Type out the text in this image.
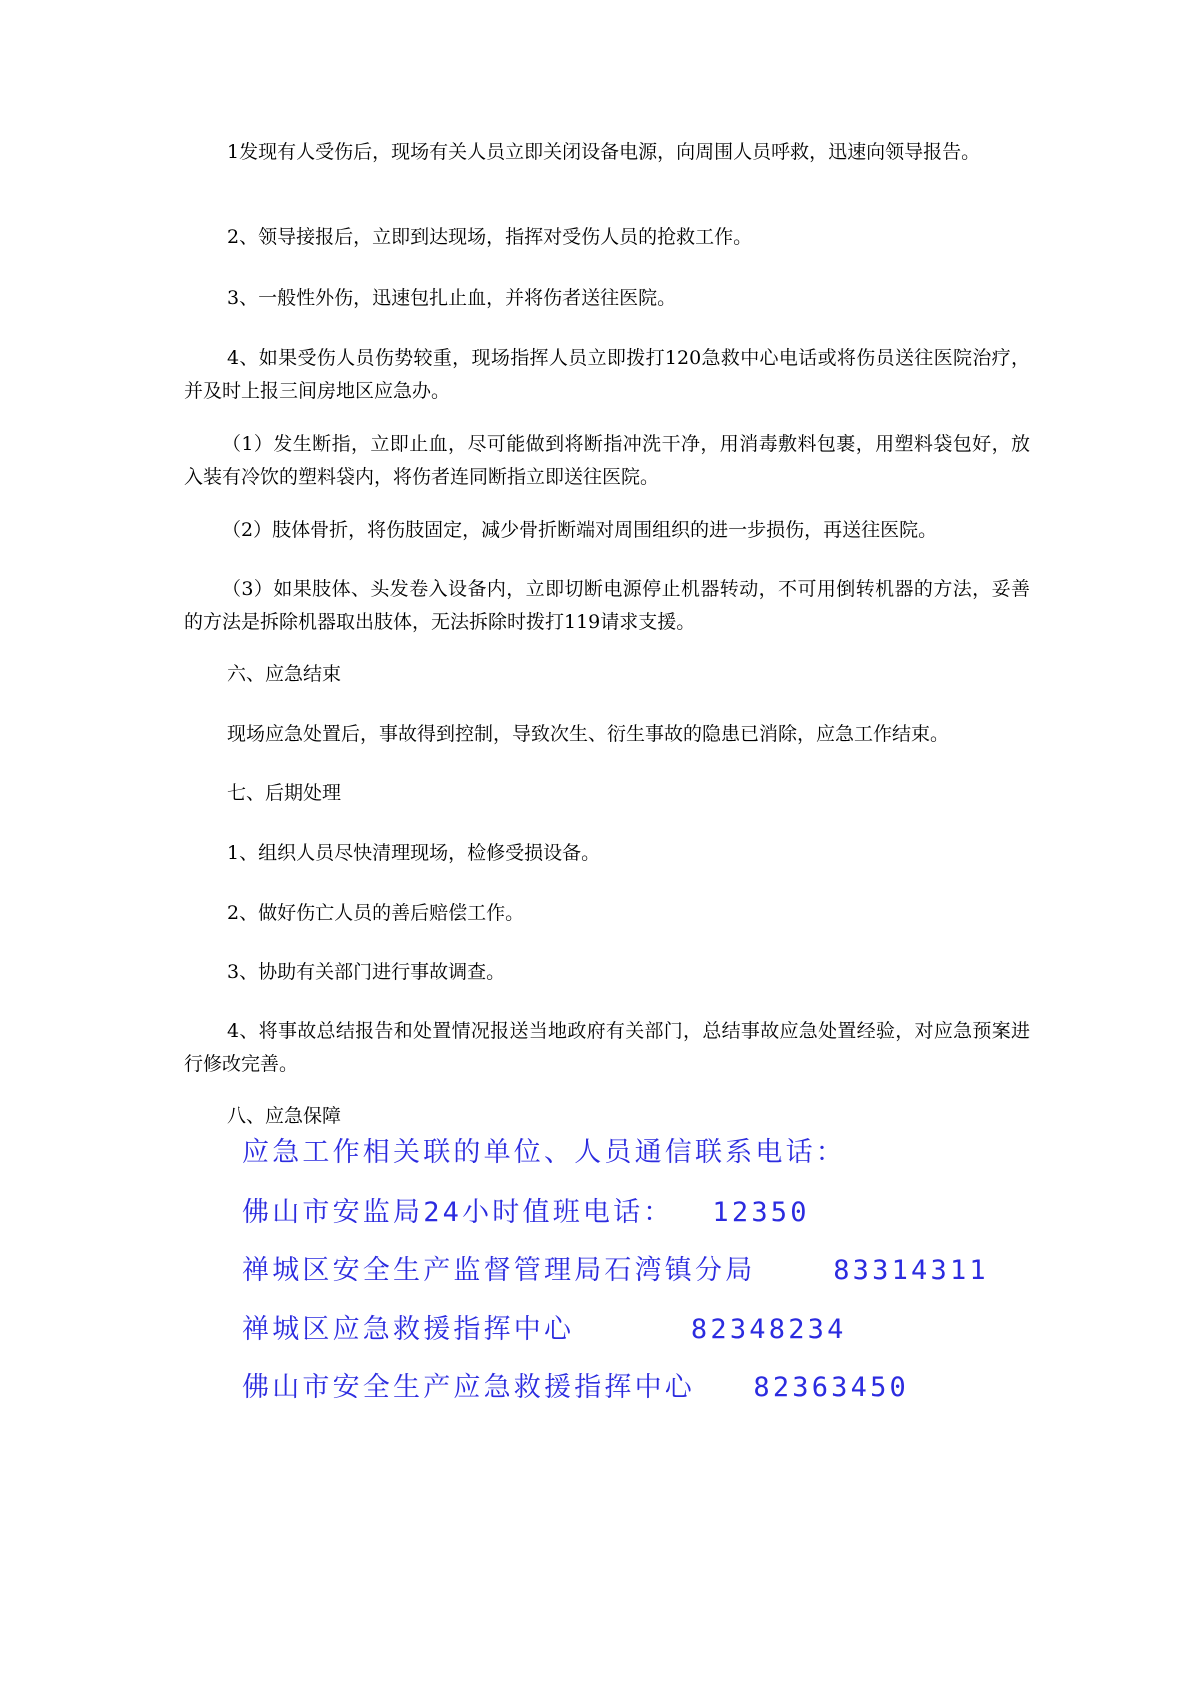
1发现有人受伤后，现场有关人员立即关闭设备电源，向周围人员呼救，迅速向领导报告。

2、领导接报后，立即到达现场，指挥对受伤人员的抢救工作。

3、一般性外伤，迅速包扎止血，并将伤者送往医院。

4、如果受伤人员伤势较重，现场指挥人员立即拨打120急救中心电话或将伤员送往医院治疗，并及时上报三间房地区应急办。

（1）发生断指，立即止血，尽可能做到将断指冲洗干净，用消毒敷料包裹，用塑料袋包好，放入装有冷饮的塑料袋内，将伤者连同断指立即送往医院。

（2）肢体骨折，将伤肢固定，减少骨折断端对周围组织的进一步损伤，再送往医院。

（3）如果肢体、头发卷入设备内，立即切断电源停止机器转动，不可用倒转机器的方法，妥善的方法是拆除机器取出肢体，无法拆除时拨打119请求支援。

六、应急结束

现场应急处置后，事故得到控制，导致次生、衍生事故的隐患已消除，应急工作结束。

七、后期处理

1、组织人员尽快清理现场，检修受损设备。

2、做好伤亡人员的善后赔偿工作。

3、协助有关部门进行事故调查。

4、将事故总结报告和处置情况报送当地政府有关部门，总结事故应急处置经验，对应急预案进行修改完善。

八、应急保障

应急工作相关联的单位、人员通信联系电话：

佛山市安监局24小时值班电话：  12350

禅城区安全生产监督管理局石湾镇分局    83314311

禅城区应急救援指挥中心      82348234

佛山市安全生产应急救援指挥中心   82363450
